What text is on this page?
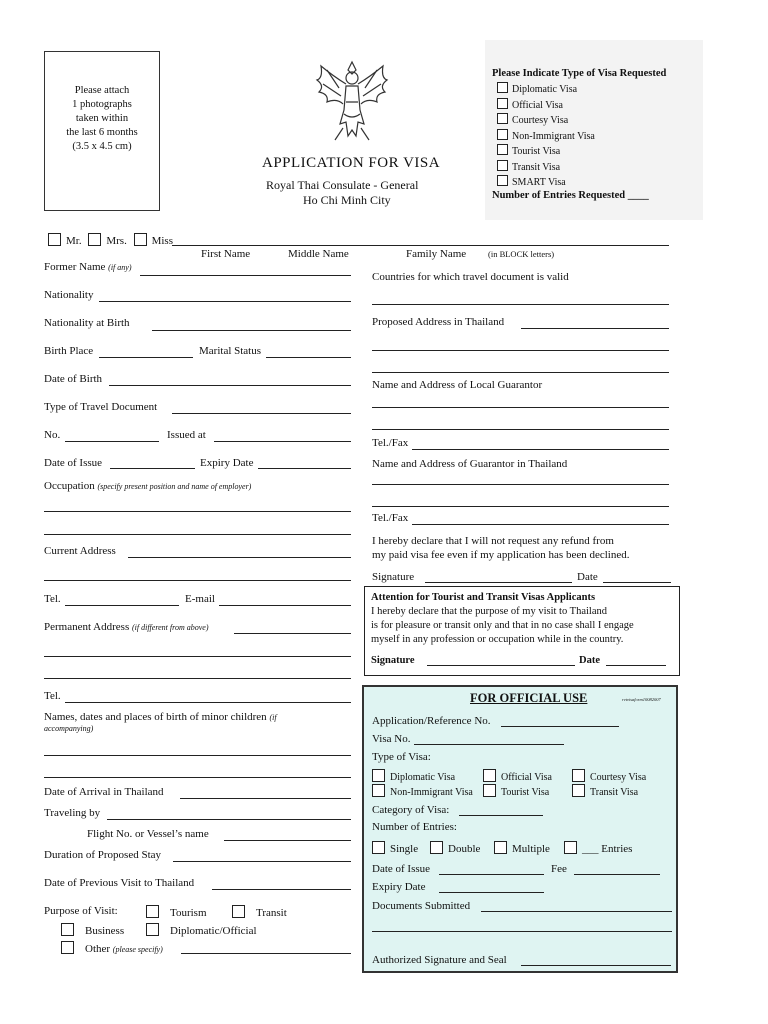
Please attach
1 photographs
taken within
the last 6 months
(3.5 x 4.5 cm)
APPLICATION FOR VISA
Royal Thai Consulate - General
Ho Chi Minh City
Please Indicate Type of Visa Requested
Diplomatic Visa
Official Visa
Courtesy Visa
Non-Immigrant Visa
Tourist Visa
Transit Visa
SMART Visa
Number of Entries Requested ____
Mr. Mrs. Miss
First Name	Middle Name	Family Name	(in BLOCK letters)
Former Name (if any)
Nationality
Nationality at Birth
Birth Place	Marital Status
Date of Birth
Type of Travel Document
No.	Issued at
Date of Issue	Expiry Date
Occupation (specify present position and name of employer)
Current Address
Tel.	E-mail
Permanent Address (if different from above)
Tel.
Names, dates and places of birth of minor children (if
accompanying)
Date of Arrival in Thailand
Traveling by
Flight No. or Vessel’s name
Duration of Proposed Stay
Date of Previous Visit to Thailand
Purpose of Visit:	Tourism	Transit
Business	Diplomatic/Official
Other (please specify)
Countries for which travel document is valid
Proposed Address in Thailand
Name and Address of Local Guarantor
Tel./Fax
Name and Address of Guarantor in Thailand
Tel./Fax
I hereby declare that I will not request any refund from
my paid visa fee even if my application has been declined.
Signature	Date
Attention for Tourist and Transit Visas Applicants
I hereby declare that the purpose of my visit to Thailand
is for pleasure or transit only and that in no case shall I engage
myself in any profession or occupation while in the country.
Signature	Date
FOR OFFICIAL USE	rvtvisaform10082007
Application/Reference No.
Visa No.
Type of Visa:
Diplomatic Visa	Official Visa	Courtesy Visa
Non-Immigrant Visa	Tourist Visa	Transit Visa
Category of Visa:
Number of Entries:
Single	Double	Multiple	___ Entries
Date of Issue	Fee
Expiry Date
Documents Submitted
Authorized Signature and Seal
